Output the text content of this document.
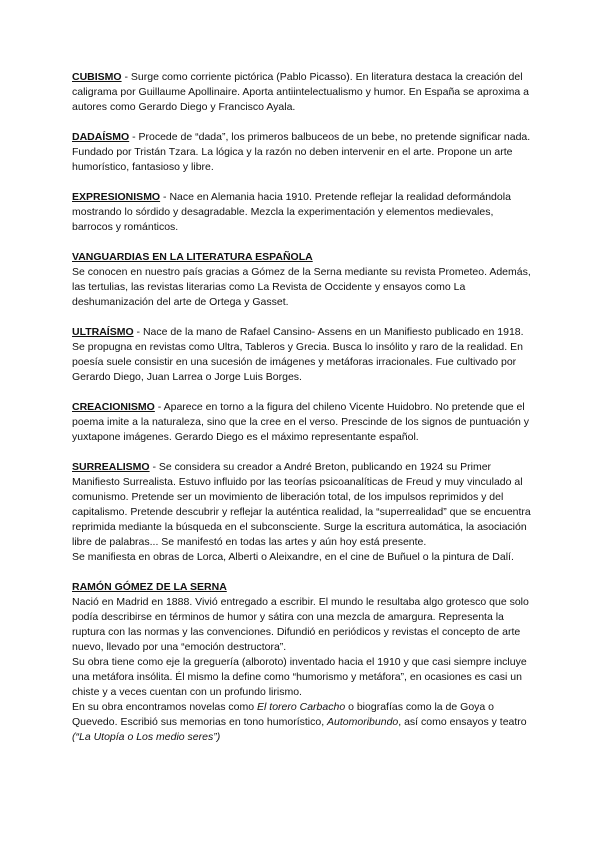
CUBISMO - Surge como corriente pictórica (Pablo Picasso). En literatura destaca la creación del caligrama por Guillaume Apollinaire. Aporta antiintelectualismo y humor. En España se aproxima a autores como Gerardo Diego y Francisco Ayala.

DADAÍSMO - Procede de “dada”, los primeros balbuceos de un bebe, no pretende significar nada. Fundado por Tristán Tzara. La lógica y la razón no deben intervenir en el arte. Propone un arte humorístico, fantasioso y libre.

EXPRESIONISMO - Nace en Alemania hacia 1910. Pretende reflejar la realidad deformándola mostrando lo sórdido y desagradable. Mezcla la experimentación y elementos medievales, barrocos y románticos.

VANGUARDIAS EN LA LITERATURA ESPAÑOLA

Se conocen en nuestro país gracias a Gómez de la Serna mediante su revista Prometeo. Además, las tertulias, las revistas literarias como La Revista de Occidente y ensayos como La deshumanización del arte de Ortega y Gasset.

ULTRAÍSMO - Nace de la mano de Rafael Cansino- Assens en un Manifiesto publicado en 1918. Se propugna en revistas como Ultra, Tableros y Grecia. Busca lo insólito y raro de la realidad. En poesía suele consistir en una sucesión de imágenes y metáforas irracionales. Fue cultivado por Gerardo Diego, Juan Larrea o Jorge Luis Borges.

CREACIONISMO - Aparece en torno a la figura del chileno Vicente Huidobro. No pretende que el poema imite a la naturaleza, sino que la cree en el verso. Prescinde de los signos de puntuación y yuxtapone imágenes. Gerardo Diego es el máximo representante español.

SURREALISMO - Se considera su creador a André Breton, publicando en 1924 su Primer Manifiesto Surrealista. Estuvo influido por las teorías psicoanalíticas de Freud y muy vinculado al comunismo. Pretende ser un movimiento de liberación total, de los impulsos reprimidos y del capitalismo. Pretende descubrir y reflejar la auténtica realidad, la “superrealidad” que se encuentra reprimida mediante la búsqueda en el subconsciente. Surge la escritura automática, la asociación libre de palabras... Se manifestó en todas las artes y aún hoy está presente.

Se manifiesta en obras de Lorca, Alberti o Aleixandre, en el cine de Buñuel o la pintura de Dalí.

RAMÓN GÓMEZ DE LA SERNA

Nació en Madrid en 1888. Vivió entregado a escribir. El mundo le resultaba algo grotesco que solo podía describirse en términos de humor y sátira con una mezcla de amargura. Representa la ruptura con las normas y las convenciones. Difundió en periódicos y revistas el concepto de arte nuevo, llevado por una “emoción destructora”.

Su obra tiene como eje la greguería (alboroto) inventado hacia el 1910 y que casi siempre incluye una metáfora insólita. Él mismo la define como “humorismo y metáfora”, en ocasiones es casi un chiste y a veces cuentan con un profundo lirismo.

En su obra encontramos novelas como El torero Carbacho o biografías como la de Goya o Quevedo. Escribió sus memorias en tono humorístico, Automoribundo, así como ensayos y teatro (“La Utopía o Los medio seres”)
